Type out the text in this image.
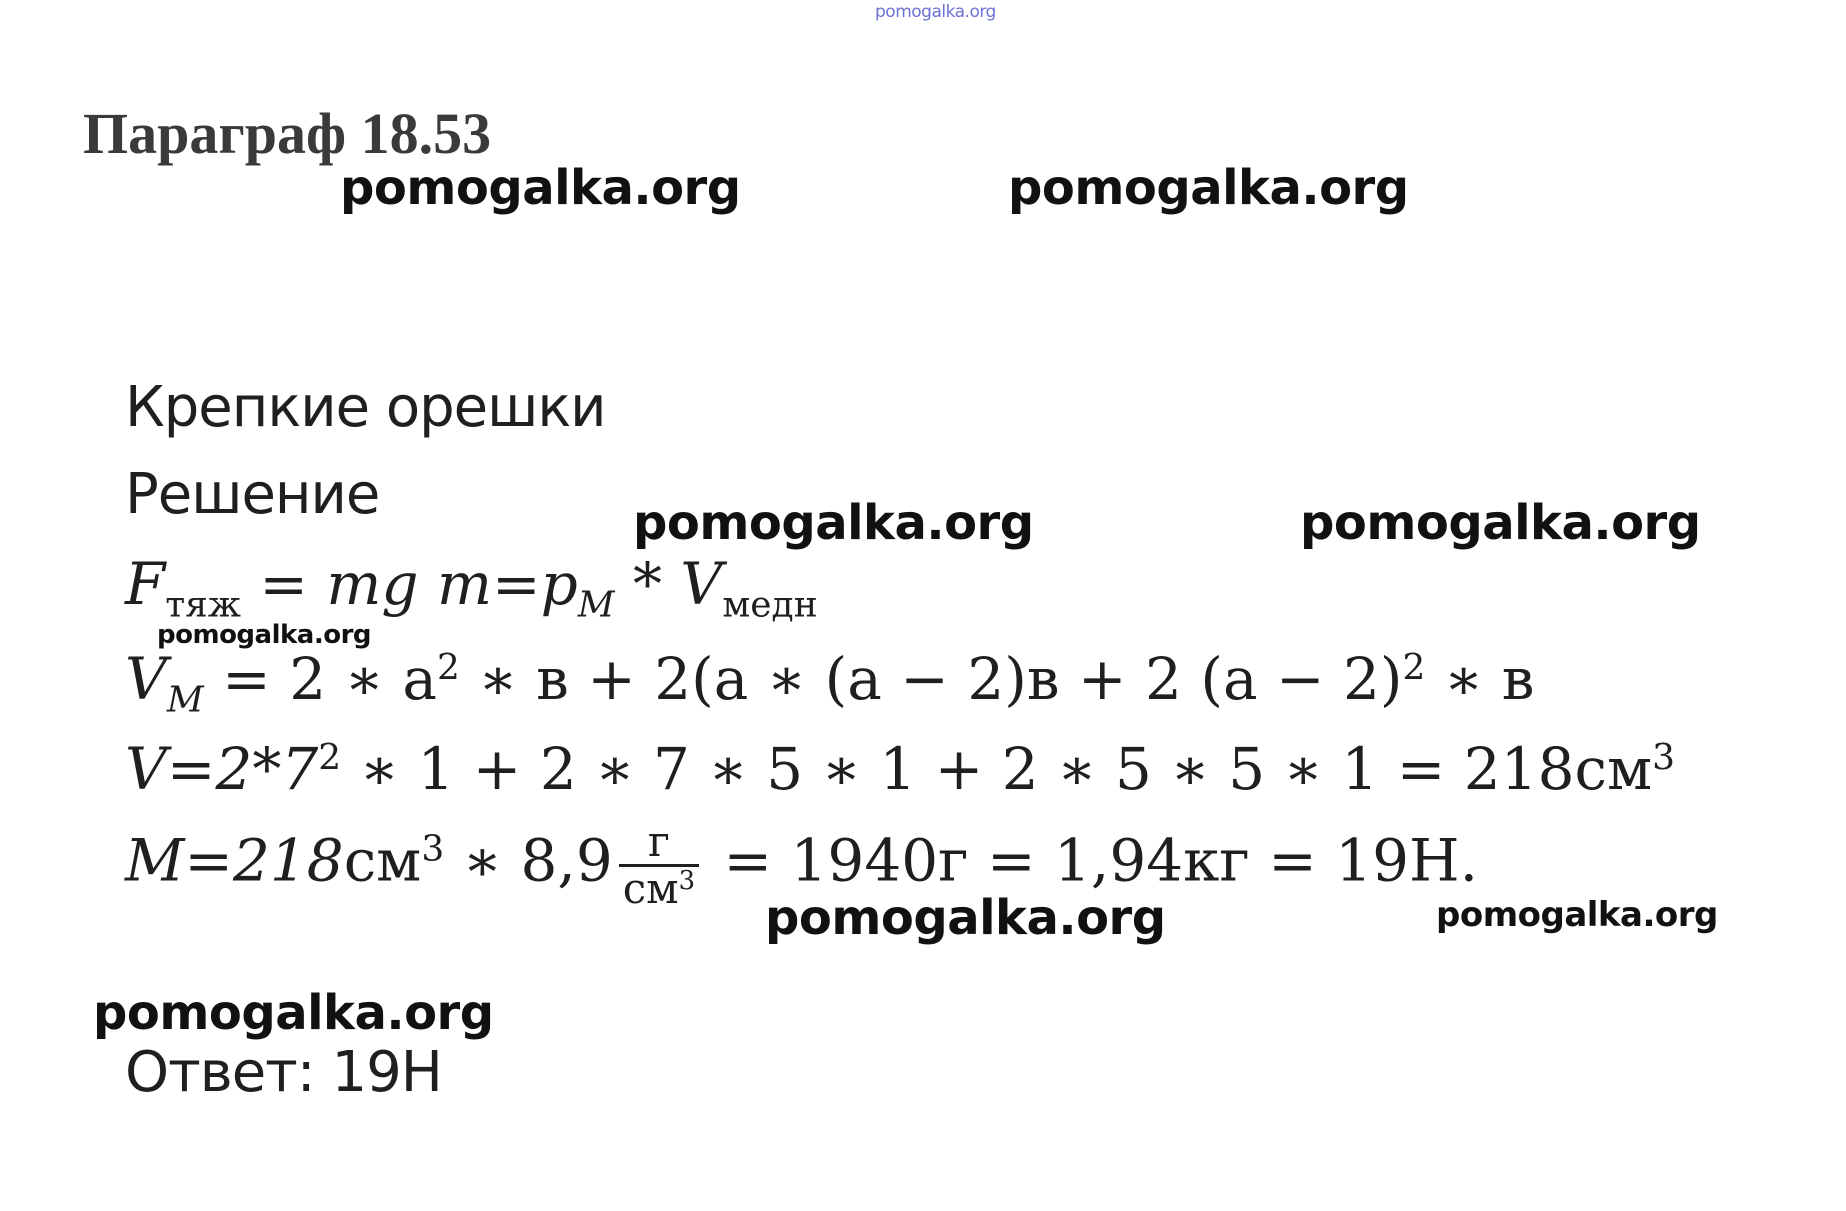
pomogalka.org
Параграф 18.53
pomogalka.org	pomogalka.org
Крепкие орешки
Решение	pomogalka.org	pomogalka.org
$F_{тяж}$ = mg $m=p_M * V_{медн}$
pomogalka.org
$V_M = 2$ ∗ $а^2$ ∗ в + 2(а ∗ (а − 2)в + 2 $(а - 2)^2$ ∗ в
$V=2*7^2$ ∗ 1 + 2 ∗ 7 ∗ 5 ∗ 1 + 2 ∗ 5 ∗ 5 ∗ $1 = 218см^3$
$M=218см^3$ ∗ $8,9 \frac{г}{см^3} = 1940г = 1,94кг = 19Н$.
pomogalka.org	pomogalka.org
pomogalka.org
Ответ: 19Н
